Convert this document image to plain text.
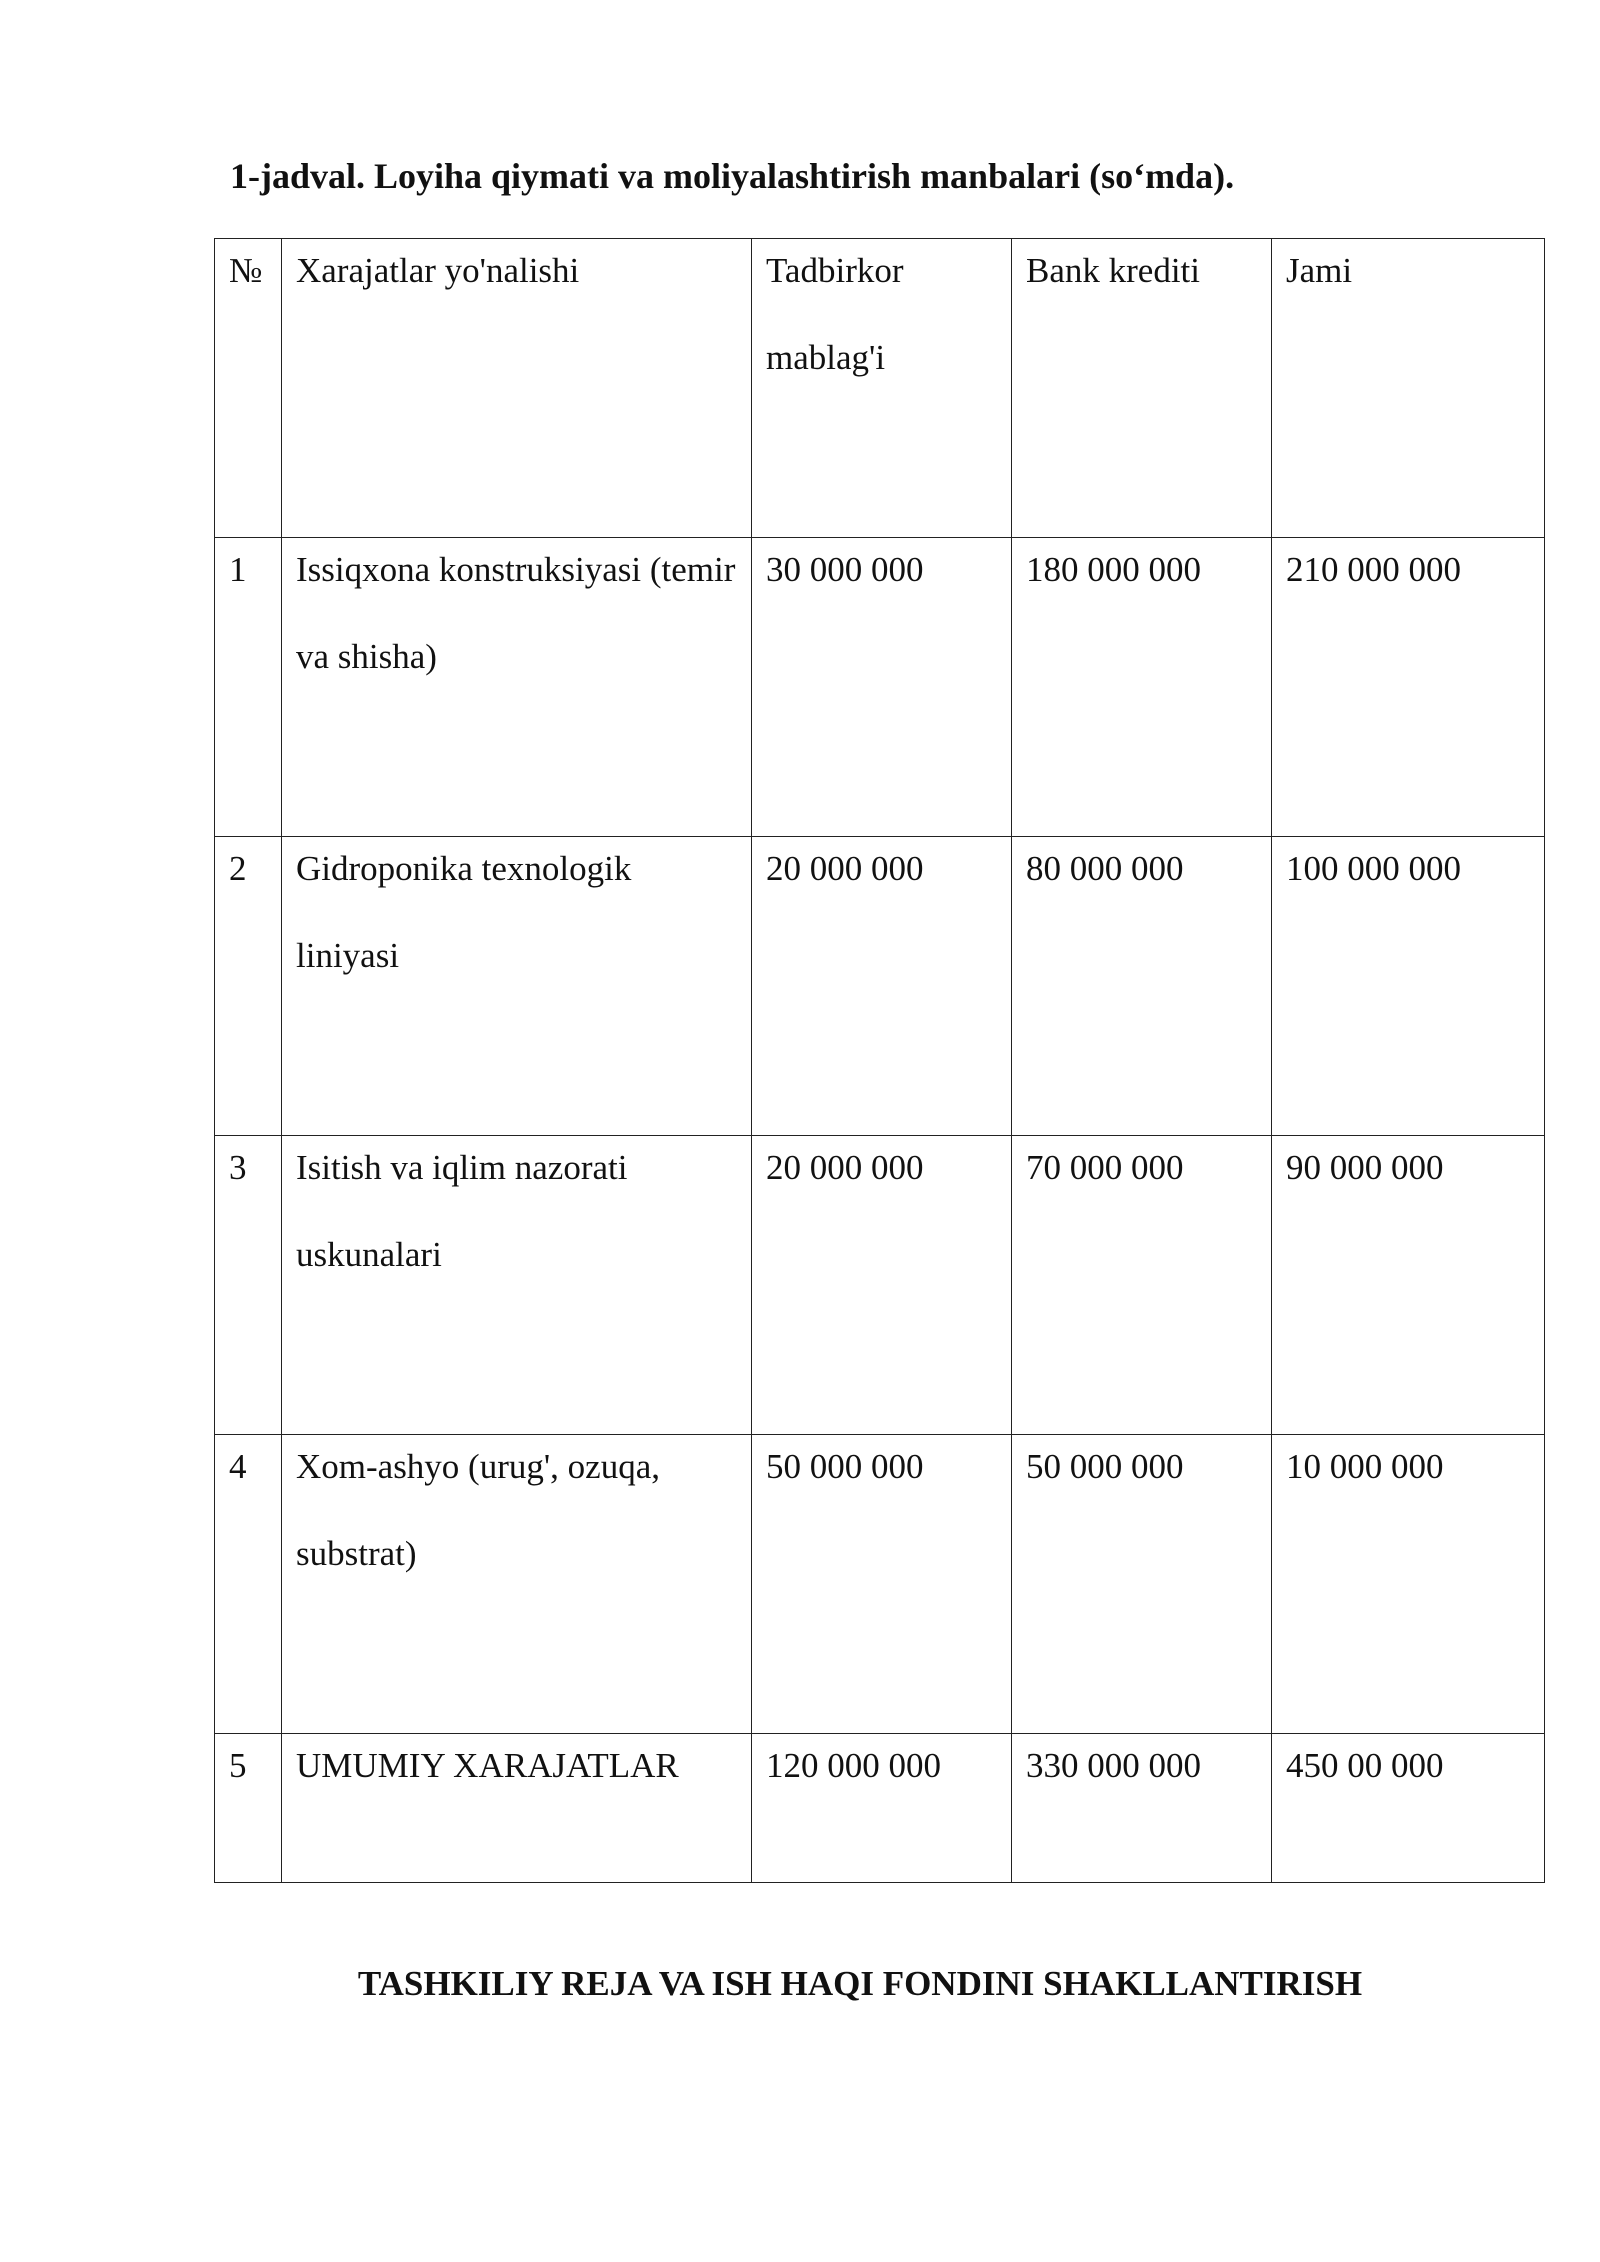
1-jadval. Loyiha qiymati va moliyalashtirish manbalari (so‘mda).
№	Xarajatlar yo'nalishi	Tadbirkor mablag'i	Bank krediti	Jami

1	Issiqxona konstruksiyasi (temir va shisha)	30 000 000	180 000 000	210 000 000

2	Gidroponika texnologik liniyasi	20 000 000	80 000 000	100 000 000

3	Isitish va iqlim nazorati uskunalari	20 000 000	70 000 000	90 000 000

4	Xom-ashyo (urug', ozuqa, substrat)	50 000 000	50 000 000	10 000 000

5	UMUMIY XARAJATLAR	120 000 000	330 000 000	450 00 000
TASHKILIY REJA VA ISH HAQI FONDINI SHAKLLANTIRISH
